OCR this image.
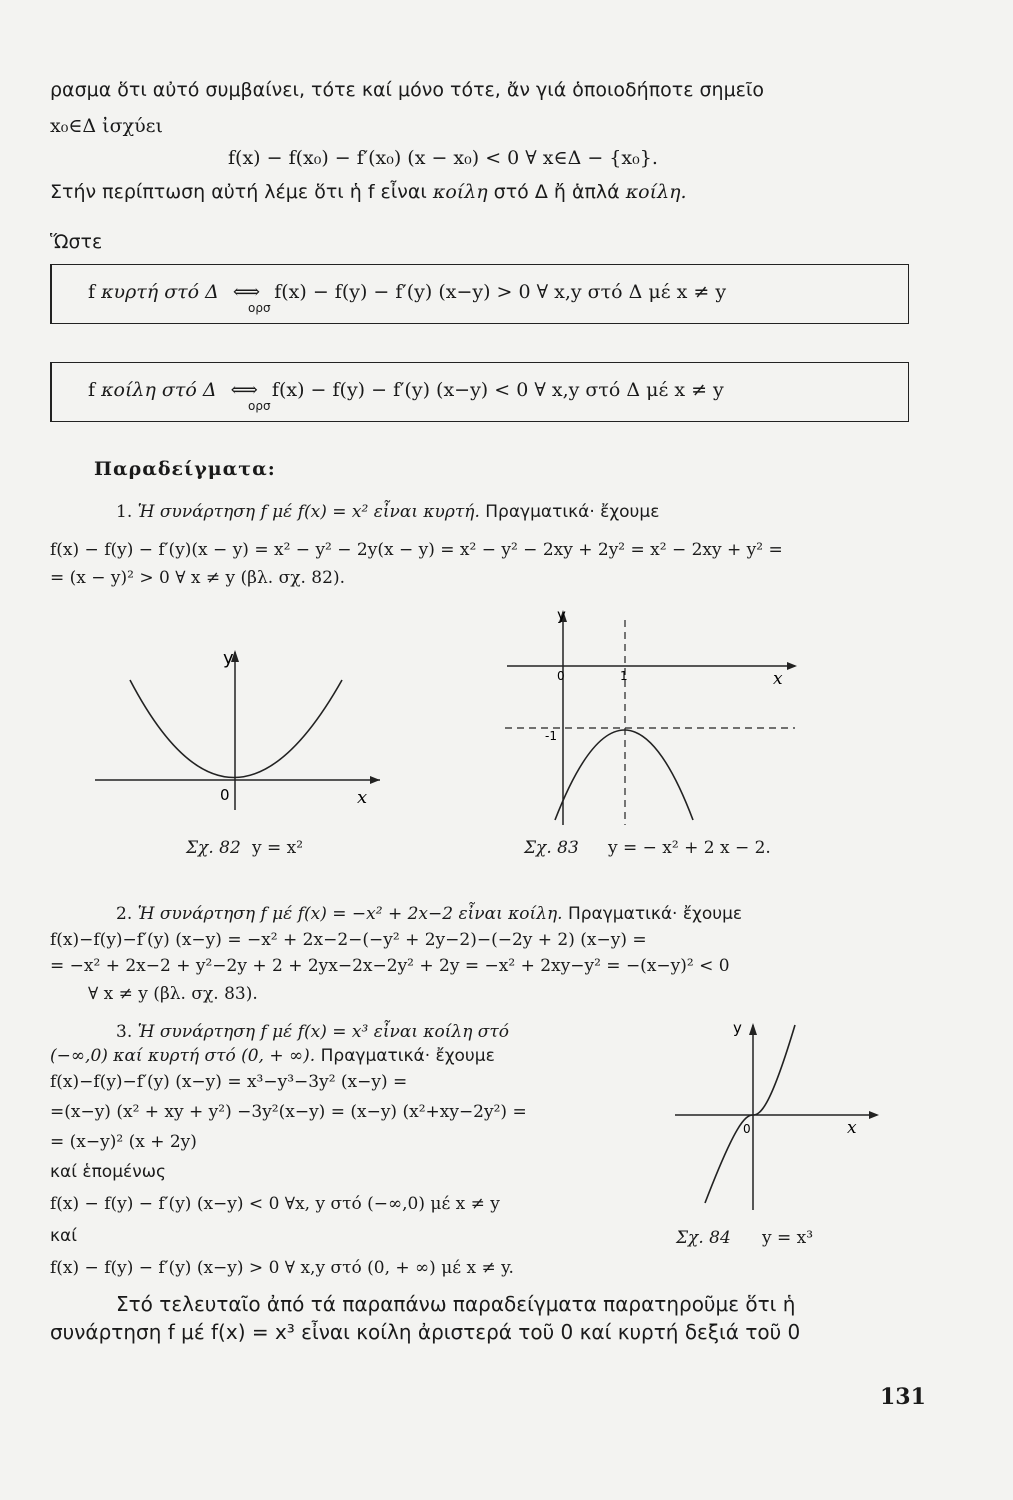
ρασμα ὅτι αὐτό συμβαίνει, τότε καί μόνο τότε, ἄν γιά ὁποιοδήποτε σημεῖο
x₀∈Δ ἰσχύει
f(x) − f(x₀) − f′(x₀) (x − x₀) < 0 ∀ x∈Δ − {x₀}.
Στήν περίπτωση αὐτή λέμε ὅτι ἡ f εἶναι κοίλη στό Δ ἤ ἁπλά κοίλη.
Ὥστε
f κυρτή στό Δ ⟺ f(x) − f(y) − f′(y) (x−y) > 0 ∀ x,y στό Δ μέ x ≠ y
ορσ
f κοίλη στό Δ ⟺ f(x) − f(y) − f′(y) (x−y) < 0 ∀ x,y στό Δ μέ x ≠ y
ορσ
Παραδείγματα:
1. Ἡ συνάρτηση f μέ f(x) = x² εἶναι κυρτή. Πραγματικά· ἔχουμε
f(x) − f(y) − f′(y)(x − y) = x² − y² − 2y(x − y) = x² − y² − 2xy + 2y² = x² − 2xy + y² =
= (x − y)² > 0 ∀ x ≠ y (βλ. σχ. 82).
y
x
0
Σχ. 82 y = x²
y
x
0	1
-1
Σχ. 83 y = − x² + 2 x − 2.
2. Ἡ συνάρτηση f μέ f(x) = −x² + 2x−2 εἶναι κοίλη. Πραγματικά· ἔχουμε
f(x)−f(y)−f′(y) (x−y) = −x² + 2x−2−(−y² + 2y−2)−(−2y + 2) (x−y) =
= −x² + 2x−2 + y²−2y + 2 + 2yx−2x−2y² + 2y = −x² + 2xy−y² = −(x−y)² < 0
∀ x ≠ y (βλ. σχ. 83).
3. Ἡ συνάρτηση f μέ f(x) = x³ εἶναι κοίλη στό
(−∞,0) καί κυρτή στό (0, + ∞). Πραγματικά· ἔχουμε
f(x)−f(y)−f′(y) (x−y) = x³−y³−3y² (x−y) =
=(x−y) (x² + xy + y²) −3y²(x−y) = (x−y) (x²+xy−2y²) =
= (x−y)² (x + 2y)
καί ἑπομένως
f(x) − f(y) − f′(y) (x−y) < 0 ∀x, y στό (−∞,0) μέ x ≠ y
καί
f(x) − f(y) − f′(y) (x−y) > 0 ∀ x,y στό (0, + ∞) μέ x ≠ y.
y
x
0
Σχ. 84 y = x³
Στό τελευταῖο ἀπό τά παραπάνω παραδείγματα παρατηροῦμε ὅτι ἡ
συνάρτηση f μέ f(x) = x³ εἶναι κοίλη ἀριστερά τοῦ 0 καί κυρτή δεξιά τοῦ 0
131
